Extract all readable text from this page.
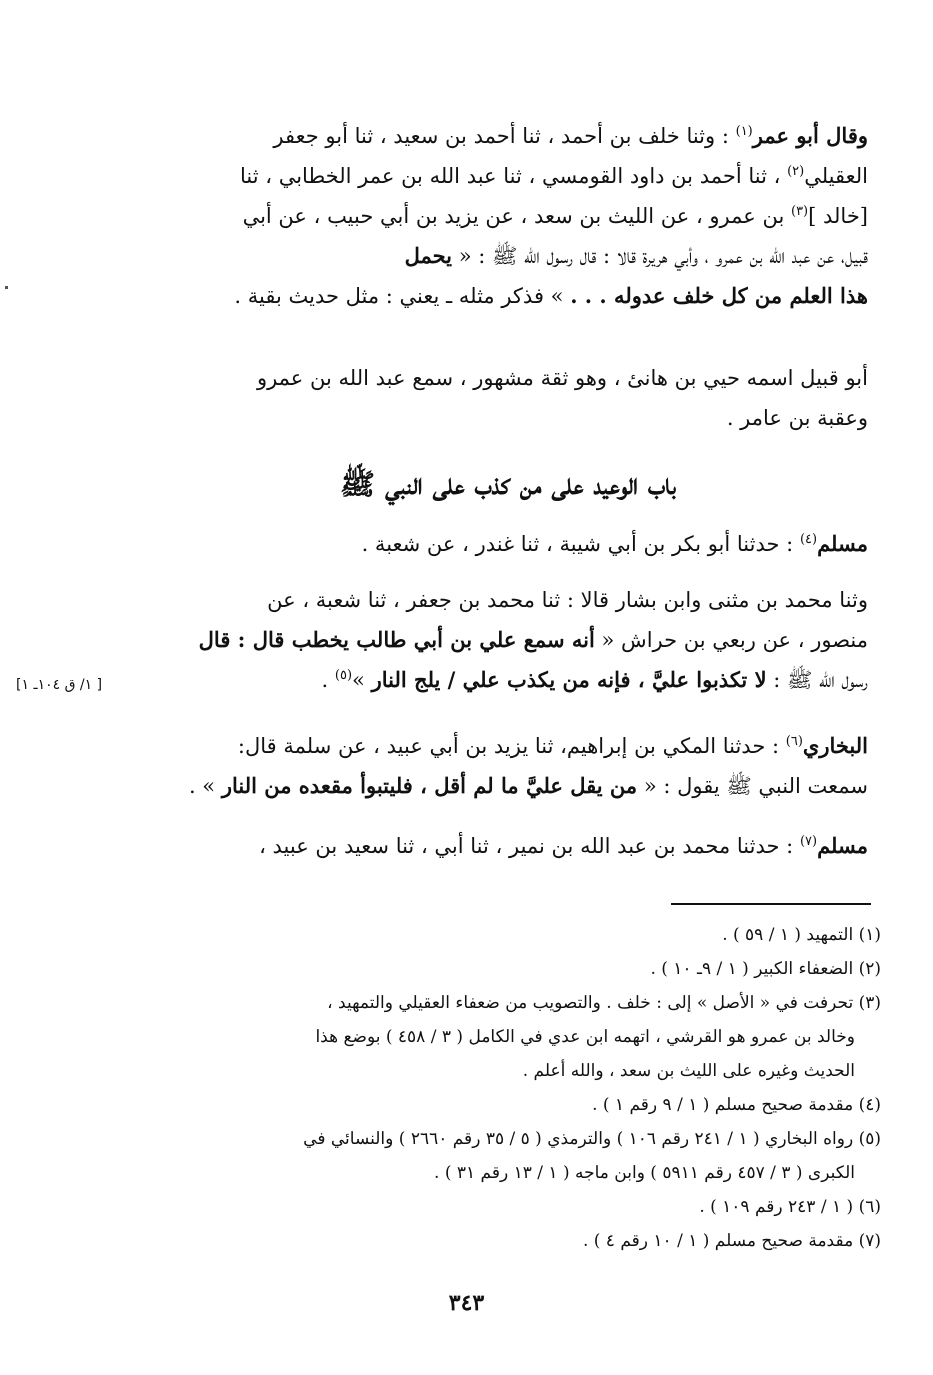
وقال أبو عمر$^{(١)}$ : وثنا خلف بن أحمد ، ثنا أحمد بن سعيد ، ثنا أبو جعفر
العقيلي$^{(٢)}$ ، ثنا أحمد بن داود القومسي ، ثنا عبد الله بن عمر الخطابي ، ثنا
[خالد ]$^{(٣)}$ بن عمرو ، عن الليث بن سعد ، عن يزيد بن أبي حبيب ، عن أبي
قبيل، عن عبد الله بن عمرو ، وأبي هريرة قالا : قال رسول الله ﷺ : « يحمل
هذا العلم من كل خلف عدوله . . . » فذكر مثله ـ يعني : مثل حديث بقية .
أبو قبيل اسمه حيي بن هانئ ، وهو ثقة مشهور ، سمع عبد الله بن عمرو
وعقبة بن عامر .
باب الوعيد على من كذب على النبي ﷺ
مسلم$^{(٤)}$ : حدثنا أبو بكر بن أبي شيبة ، ثنا غندر ، عن شعبة .
وثنا محمد بن مثنى وابن بشار قالا : ثنا محمد بن جعفر ، ثنا شعبة ، عن
منصور ، عن ربعي بن حراش « أنه سمع علي بن أبي طالب يخطب قال : قال
رسول الله ﷺ : لا تكذبوا عليَّ ، فإنه من يكذب علي / يلج النار »$^{(٥)}$ .
[ ١/ ق ١٠٤ـ ١]
البخاري$^{(٦)}$ : حدثنا المكي بن إبراهيم، ثنا يزيد بن أبي عبيد ، عن سلمة قال:
سمعت النبي ﷺ يقول : « من يقل عليَّ ما لم أقل ، فليتبوأ مقعده من النار » .
مسلم$^{(٧)}$ : حدثنا محمد بن عبد الله بن نمير ، ثنا أبي ، ثنا سعيد بن عبيد ،
(١) التمهيد ( ١ / ٥٩ ) .
(٢) الضعفاء الكبير ( ١ / ٩ـ ١٠ ) .
(٣) تحرفت في « الأصل » إلى : خلف . والتصويب من ضعفاء العقيلي والتمهيد ،
وخالد بن عمرو هو القرشي ، اتهمه ابن عدي في الكامل ( ٣ / ٤٥٨ ) بوضع هذا
الحديث وغيره على الليث بن سعد ، والله أعلم .
(٤) مقدمة صحيح مسلم ( ١ / ٩ رقم ١ ) .
(٥) رواه البخاري ( ١ / ٢٤١ رقم ١٠٦ ) والترمذي ( ٥ / ٣٥ رقم ٢٦٦٠ ) والنسائي في
الكبرى ( ٣ / ٤٥٧ رقم ٥٩١١ ) وابن ماجه ( ١ / ١٣ رقم ٣١ ) .
(٦) ( ١ / ٢٤٣ رقم ١٠٩ ) .
(٧) مقدمة صحيح مسلم ( ١ / ١٠ رقم ٤ ) .
٣٤٣
